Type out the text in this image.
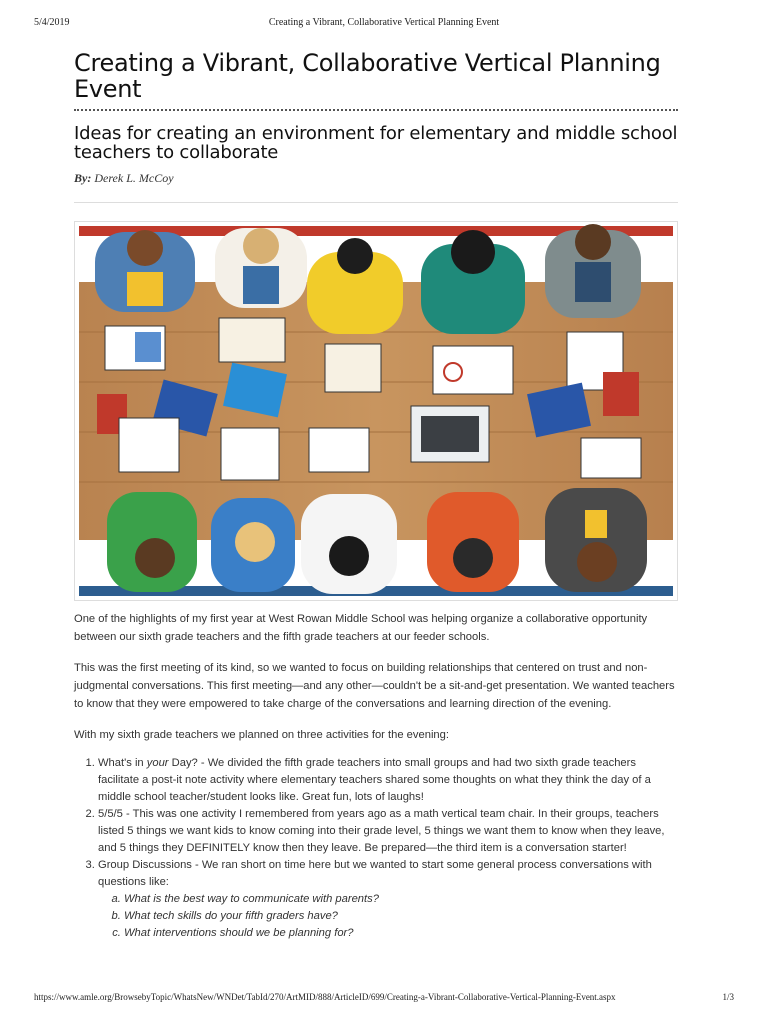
5/4/2019	Creating a Vibrant, Collaborative Vertical Planning Event
Creating a Vibrant, Collaborative Vertical Planning Event
Ideas for creating an environment for elementary and middle school teachers to collaborate
By: Derek L. McCoy

One of the highlights of my first year at West Rowan Middle School was helping organize a collaborative opportunity between our sixth grade teachers and the fifth grade teachers at our feeder schools.

This was the first meeting of its kind, so we wanted to focus on building relationships that centered on trust and non-judgmental conversations. This first meeting—and any other—couldn't be a sit-and-get presentation. We wanted teachers to know that they were empowered to take charge of the conversations and learning direction of the evening.

With my sixth grade teachers we planned on three activities for the evening:

1. What's in your Day? - We divided the fifth grade teachers into small groups and had two sixth grade teachers facilitate a post-it note activity where elementary teachers shared some thoughts on what they think the day of a middle school teacher/student looks like. Great fun, lots of laughs!
2. 5/5/5 - This was one activity I remembered from years ago as a math vertical team chair. In their groups, teachers listed 5 things we want kids to know coming into their grade level, 5 things we want them to know when they leave, and 5 things they DEFINITELY know then they leave. Be prepared—the third item is a conversation starter!
3. Group Discussions - We ran short on time here but we wanted to start some general process conversations with questions like:
a. What is the best way to communicate with parents?
b. What tech skills do your fifth graders have?
c. What interventions should we be planning for?
https://www.amle.org/BrowsebyTopic/WhatsNew/WNDet/TabId/270/ArtMID/888/ArticleID/699/Creating-a-Vibrant-Collaborative-Vertical-Planning-Event.aspx	1/3
